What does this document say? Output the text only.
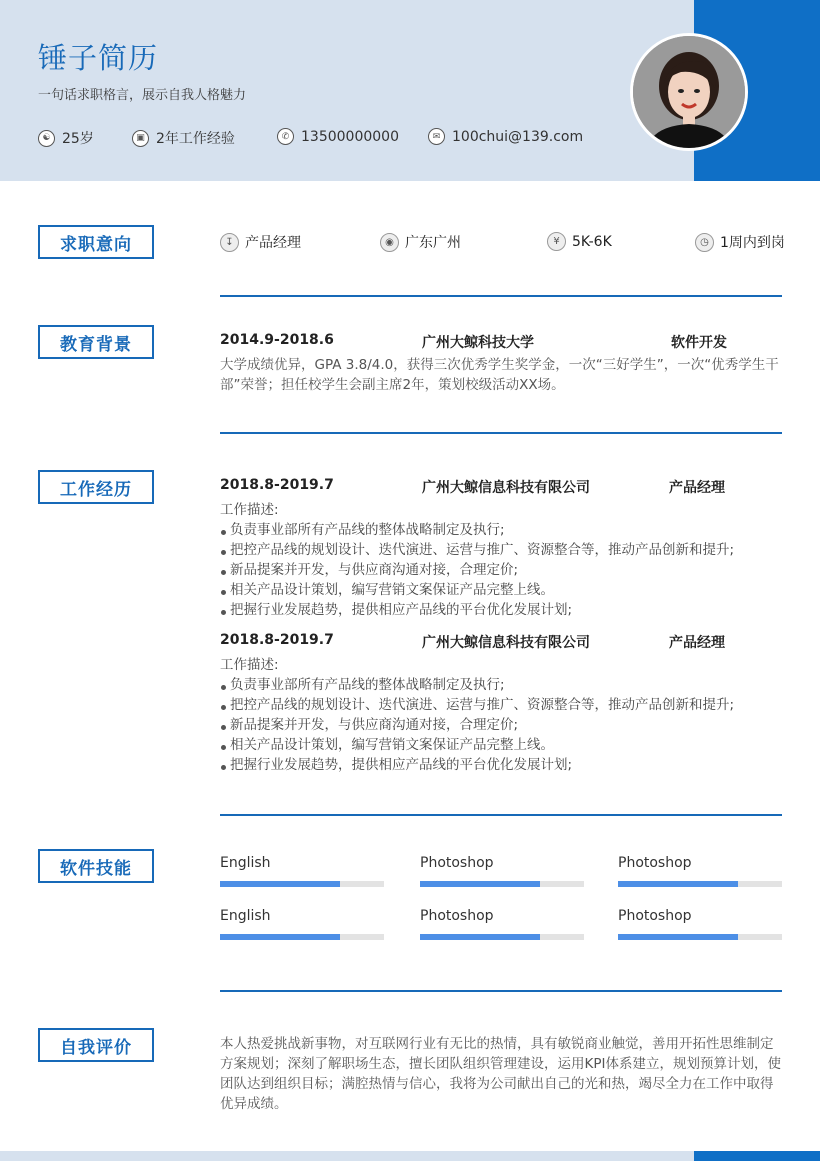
锤子简历
一句话求职格言，展示自我人格魅力
☯ 25岁	▣ 2年工作经验	✆ 13500000000	✉ 100chui@139.com
求职意向	↧ 产品经理	◉ 广东广州	¥ 5K-6K	◷ 1周内到岗
教育背景	2014.9-2018.6	广州大鲸科技大学	软件开发
大学成绩优异，GPA 3.8/4.0，获得三次优秀学生奖学金，一次“三好学生”，一次“优秀学生干部”荣誉；担任校学生会副主席2年，策划校级活动XX场。
工作经历	2018.8-2019.7	广州大鲸信息科技有限公司	产品经理
工作描述:
负责事业部所有产品线的整体战略制定及执行;
把控产品线的规划设计、迭代演进、运营与推广、资源整合等，推动产品创新和提升;
新品提案并开发，与供应商沟通对接，合理定价;
相关产品设计策划，编写营销文案保证产品完整上线。
把握行业发展趋势，提供相应产品线的平台优化发展计划;
2018.8-2019.7	广州大鲸信息科技有限公司	产品经理
工作描述:
负责事业部所有产品线的整体战略制定及执行;
把控产品线的规划设计、迭代演进、运营与推广、资源整合等，推动产品创新和提升;
新品提案并开发，与供应商沟通对接，合理定价;
相关产品设计策划，编写营销文案保证产品完整上线。
把握行业发展趋势，提供相应产品线的平台优化发展计划;
软件技能	English	Photoshop	Photoshop
English	Photoshop	Photoshop
自我评价	本人热爱挑战新事物，对互联网行业有无比的热情，具有敏锐商业触觉，善用开拓性思维制定方案规划；深刻了解职场生态，擅长团队组织管理建设，运用KPI体系建立，规划预算计划，使团队达到组织目标；满腔热情与信心，我将为公司献出自己的光和热，竭尽全力在工作中取得优异成绩。
